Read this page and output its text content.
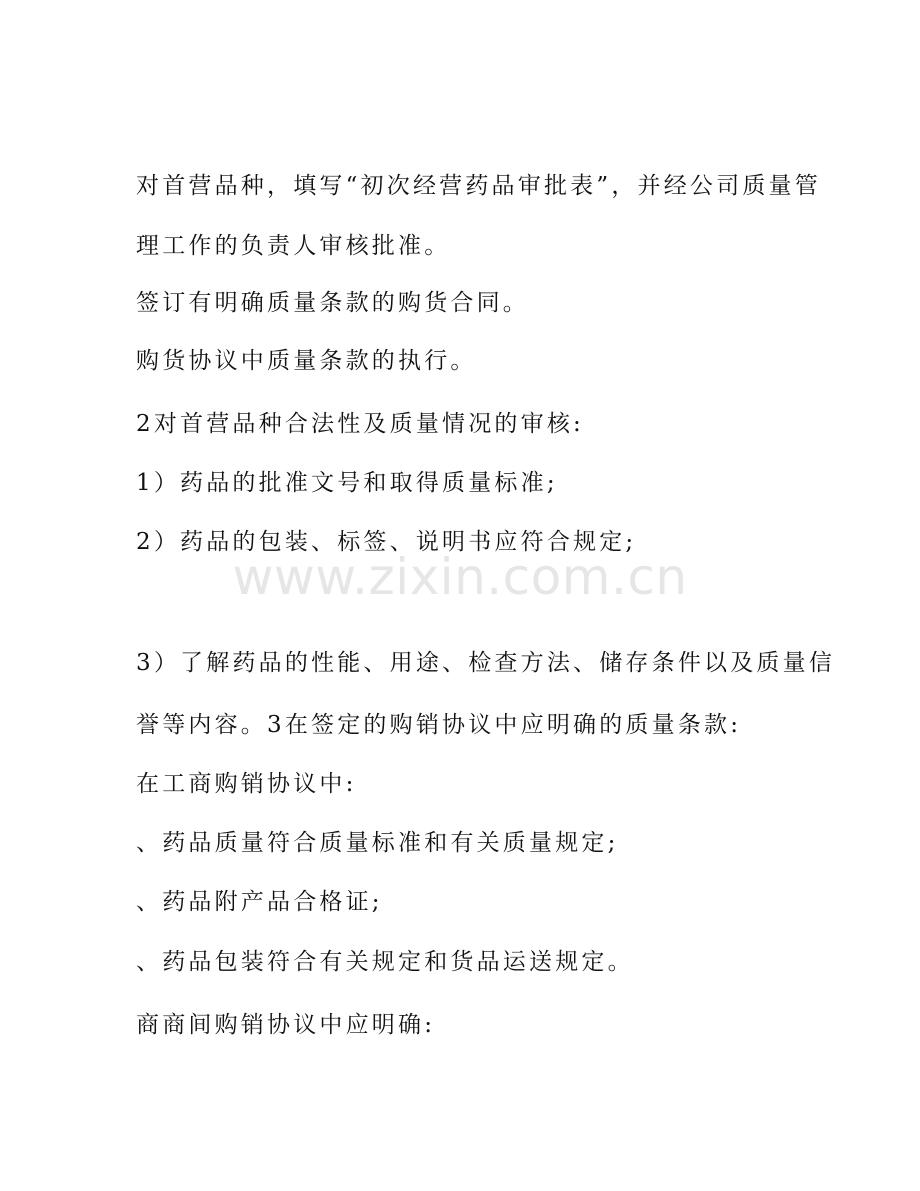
www.zixin.com.cn

对首营品种，填写“初次经营药品审批表”，并经公司质量管

理工作的负责人审核批准。

签订有明确质量条款的购货合同。

购货协议中质量条款的执行。

2对首营品种合法性及质量情况的审核:

1）药品的批准文号和取得质量标准;

2）药品的包装、标签、说明书应符合规定;

3）了解药品的性能、用途、检查方法、储存条件以及质量信

誉等内容。3在签定的购销协议中应明确的质量条款:

在工商购销协议中:

、药品质量符合质量标准和有关质量规定;

、药品附产品合格证;

、药品包装符合有关规定和货品运送规定。

商商间购销协议中应明确:
